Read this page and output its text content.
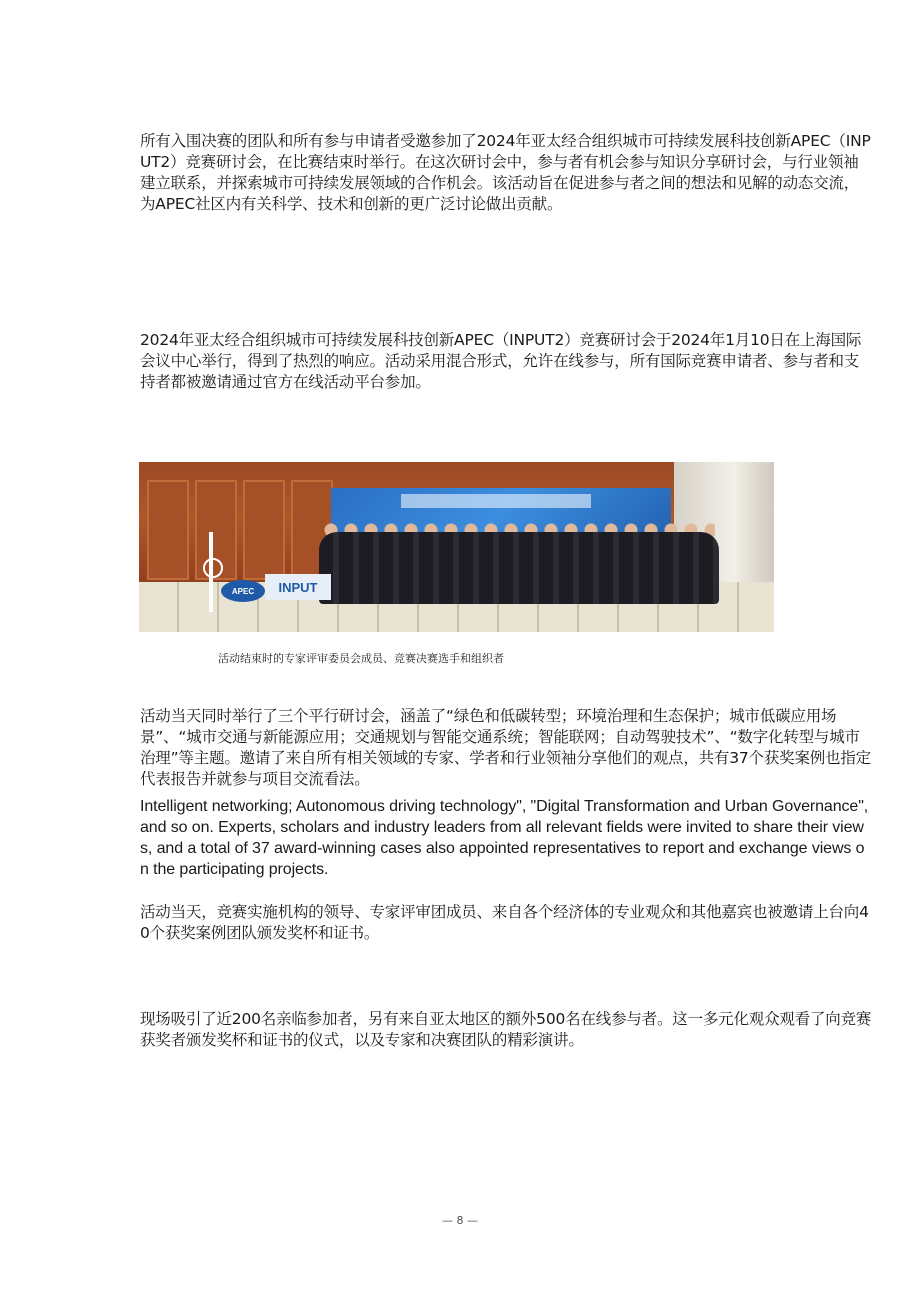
所有入围决赛的团队和所有参与申请者受邀参加了2024年亚太经合组织城市可持续发展科技创新APEC（INPUT2）竞赛研讨会，在比赛结束时举行。在这次研讨会中，参与者有机会参与知识分享研讨会，与行业领袖建立联系，并探索城市可持续发展领域的合作机会。该活动旨在促进参与者之间的想法和见解的动态交流，为APEC社区内有关科学、技术和创新的更广泛讨论做出贡献。

2024年亚太经合组织城市可持续发展科技创新APEC（INPUT2）竞赛研讨会于2024年1月10日在上海国际会议中心举行，得到了热烈的响应。活动采用混合形式，允许在线参与，所有国际竞赛申请者、参与者和支持者都被邀请通过官方在线活动平台参加。

APEC	INPUT
活动结束时的专家评审委员会成员、竞赛决赛选手和组织者

活动当天同时举行了三个平行研讨会，涵盖了“绿色和低碳转型；环境治理和生态保护；城市低碳应用场景”、“城市交通与新能源应用；交通规划与智能交通系统；智能联网；自动驾驶技术”、“数字化转型与城市治理”等主题。邀请了来自所有相关领域的专家、学者和行业领袖分享他们的观点，共有37个获奖案例也指定代表报告并就参与项目交流看法。

Intelligent networking; Autonomous driving technology", "Digital Transformation and Urban Governance", and so on. Experts, scholars and industry leaders from all relevant fields were invited to share their views, and a total of 37 award-winning cases also appointed representatives to report and exchange views on the participating projects.

活动当天，竞赛实施机构的领导、专家评审团成员、来自各个经济体的专业观众和其他嘉宾也被邀请上台向40个获奖案例团队颁发奖杯和证书。

现场吸引了近200名亲临参加者，另有来自亚太地区的额外500名在线参与者。这一多元化观众观看了向竞赛获奖者颁发奖杯和证书的仪式，以及专家和决赛团队的精彩演讲。

— 8 —
